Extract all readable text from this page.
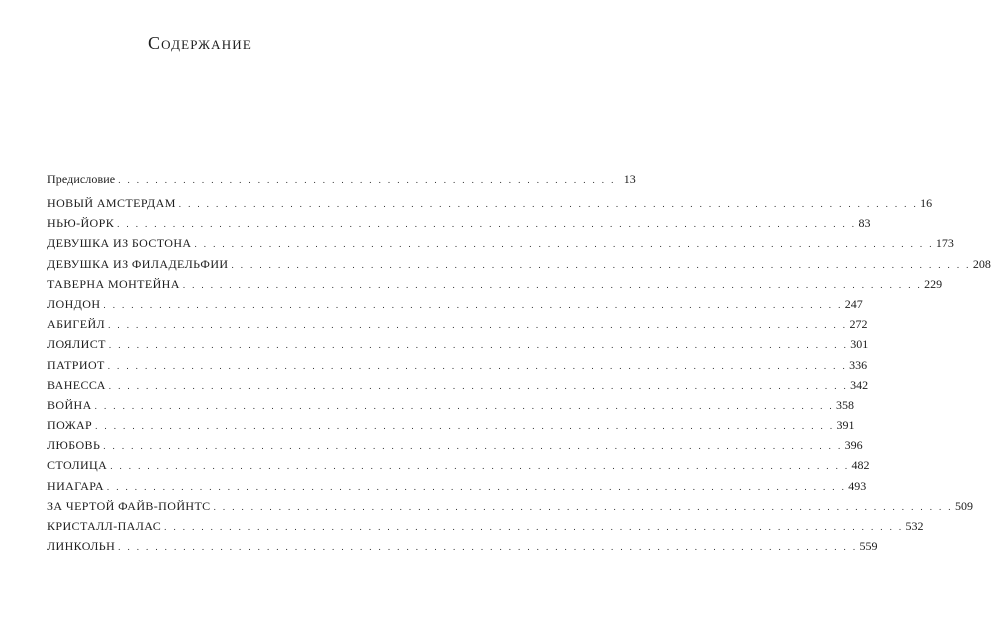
Содержание
Предисловие . . . . . . . . . . . . . . . . . . . . . . . . . . . . . . . . . . . . . . . . . . . . . . . . . . . . . . 13
НОВЫЙ АМСТЕРДАМ . . . . . . . . . . . . . . . . . . . . . . . . . . . . . . . . . . . . . . . . . . . . . . . . . . . . . . . . . . . . . . . . . . . . . . . . . . . . . . . . 16
НЬЮ-ЙОРК . . . . . . . . . . . . . . . . . . . . . . . . . . . . . . . . . . . . . . . . . . . . . . . . . . . . . . . . . . . . . . . . . . . . . . . . . . . . . . . . 83
ДЕВУШКА ИЗ БОСТОНА . . . . . . . . . . . . . . . . . . . . . . . . . . . . . . . . . . . . . . . . . . . . . . . . . . . . . . . . . . . . . . . . . . . . . . . . . . . . . . . . 173
ДЕВУШКА ИЗ ФИЛАДЕЛЬФИИ . . . . . . . . . . . . . . . . . . . . . . . . . . . . . . . . . . . . . . . . . . . . . . . . . . . . . . . . . . . . . . . . . . . . . . . . . . . . . . . . 208
ТАВЕРНА МОНТЕЙНА . . . . . . . . . . . . . . . . . . . . . . . . . . . . . . . . . . . . . . . . . . . . . . . . . . . . . . . . . . . . . . . . . . . . . . . . . . . . . . . . 229
ЛОНДОН . . . . . . . . . . . . . . . . . . . . . . . . . . . . . . . . . . . . . . . . . . . . . . . . . . . . . . . . . . . . . . . . . . . . . . . . . . . . . . . . 247
АБИГЕЙЛ . . . . . . . . . . . . . . . . . . . . . . . . . . . . . . . . . . . . . . . . . . . . . . . . . . . . . . . . . . . . . . . . . . . . . . . . . . . . . . . . 272
ЛОЯЛИСТ . . . . . . . . . . . . . . . . . . . . . . . . . . . . . . . . . . . . . . . . . . . . . . . . . . . . . . . . . . . . . . . . . . . . . . . . . . . . . . . . 301
ПАТРИОТ . . . . . . . . . . . . . . . . . . . . . . . . . . . . . . . . . . . . . . . . . . . . . . . . . . . . . . . . . . . . . . . . . . . . . . . . . . . . . . . . 336
ВАНЕССА . . . . . . . . . . . . . . . . . . . . . . . . . . . . . . . . . . . . . . . . . . . . . . . . . . . . . . . . . . . . . . . . . . . . . . . . . . . . . . . . 342
ВОЙНА . . . . . . . . . . . . . . . . . . . . . . . . . . . . . . . . . . . . . . . . . . . . . . . . . . . . . . . . . . . . . . . . . . . . . . . . . . . . . . . . 358
ПОЖАР . . . . . . . . . . . . . . . . . . . . . . . . . . . . . . . . . . . . . . . . . . . . . . . . . . . . . . . . . . . . . . . . . . . . . . . . . . . . . . . . 391
ЛЮБОВЬ . . . . . . . . . . . . . . . . . . . . . . . . . . . . . . . . . . . . . . . . . . . . . . . . . . . . . . . . . . . . . . . . . . . . . . . . . . . . . . . . 396
СТОЛИЦА . . . . . . . . . . . . . . . . . . . . . . . . . . . . . . . . . . . . . . . . . . . . . . . . . . . . . . . . . . . . . . . . . . . . . . . . . . . . . . . . 482
НИАГАРА . . . . . . . . . . . . . . . . . . . . . . . . . . . . . . . . . . . . . . . . . . . . . . . . . . . . . . . . . . . . . . . . . . . . . . . . . . . . . . . . 493
ЗА ЧЕРТОЙ ФАЙВ-ПОЙНТС . . . . . . . . . . . . . . . . . . . . . . . . . . . . . . . . . . . . . . . . . . . . . . . . . . . . . . . . . . . . . . . . . . . . . . . . . . . . . . . . 509
КРИСТАЛЛ-ПАЛАС . . . . . . . . . . . . . . . . . . . . . . . . . . . . . . . . . . . . . . . . . . . . . . . . . . . . . . . . . . . . . . . . . . . . . . . . . . . . . . . . 532
ЛИНКОЛЬН . . . . . . . . . . . . . . . . . . . . . . . . . . . . . . . . . . . . . . . . . . . . . . . . . . . . . . . . . . . . . . . . . . . . . . . . . . . . . . . . 559
